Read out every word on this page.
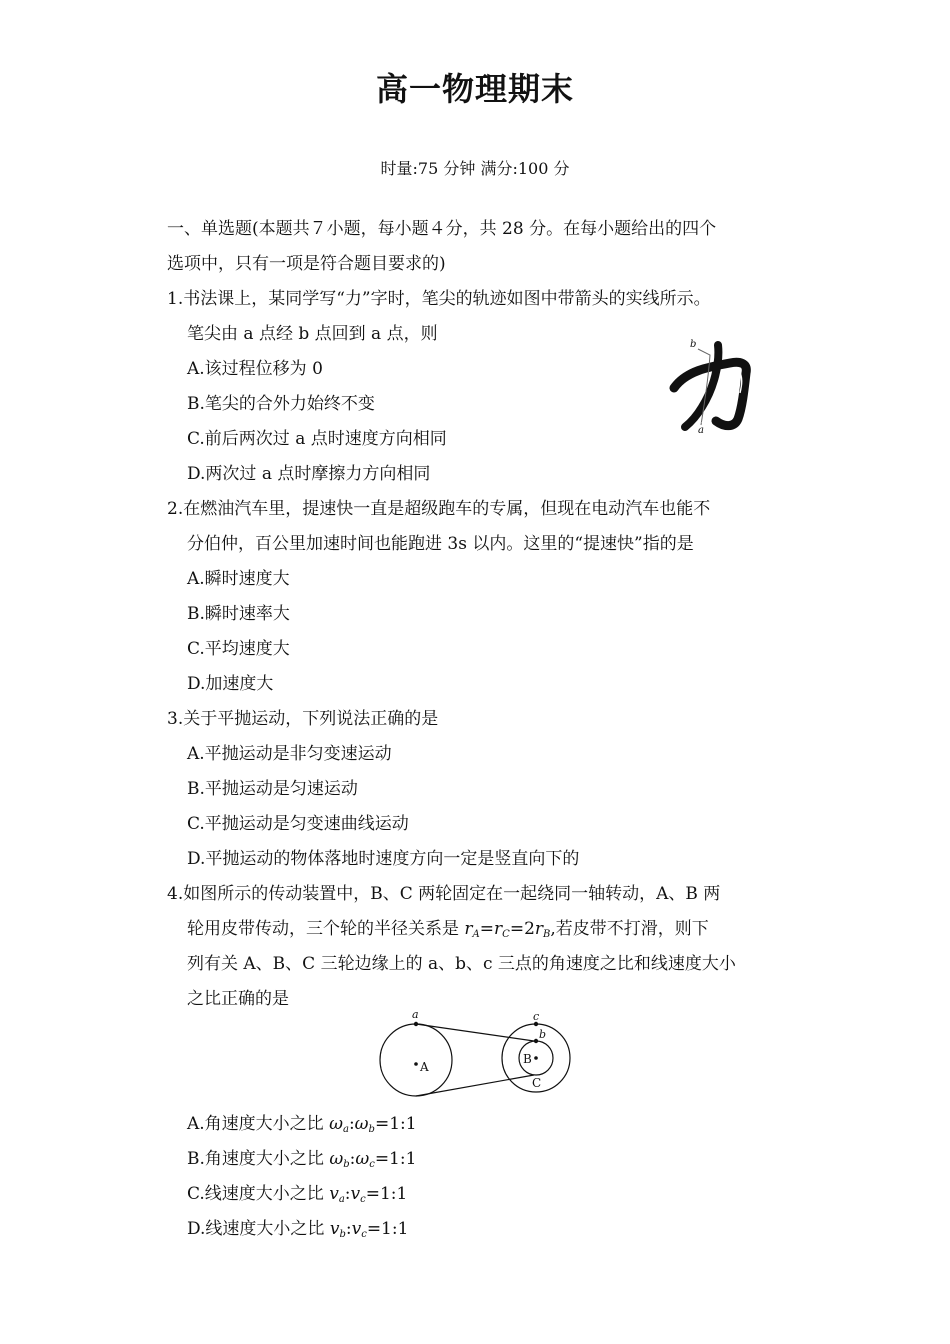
高一物理期末
时量:75 分钟 满分:100 分
一、单选题(本题共７小题，每小题４分，共 28 分。在每小题给出的四个
选项中，只有一项是符合题目要求的)
1.书法课上，某同学写“力”字时，笔尖的轨迹如图中带箭头的实线所示。
笔尖由 a 点经 b 点回到 a 点，则
A.该过程位移为 0
B.笔尖的合外力始终不变
C.前后两次过 a 点时速度方向相同
D.两次过 a 点时摩擦力方向相同
b
a
2.在燃油汽车里，提速快一直是超级跑车的专属，但现在电动汽车也能不
分伯仲，百公里加速时间也能跑进 3s 以内。这里的“提速快”指的是
A.瞬时速度大
B.瞬时速率大
C.平均速度大
D.加速度大
3.关于平抛运动，下列说法正确的是
A.平抛运动是非匀变速运动
B.平抛运动是匀速运动
C.平抛运动是匀变速曲线运动
D.平抛运动的物体落地时速度方向一定是竖直向下的
4.如图所示的传动装置中，B、C 两轮固定在一起绕同一轴转动，A、B 两
轮用皮带传动，三个轮的半径关系是 $r_A=r_C=2r_B$,若皮带不打滑，则下
列有关 A、B、C 三轮边缘上的 a、b、c 三点的角速度之比和线速度大小
之比正确的是
a
A
b
B
c
C
A.角速度大小之比 $\omega_a:\omega_b=1:1$
B.角速度大小之比 $\omega_b:\omega_c=1:1$
C.线速度大小之比 $v_a:v_c=1:1$
D.线速度大小之比 $v_b:v_c=1:1$
